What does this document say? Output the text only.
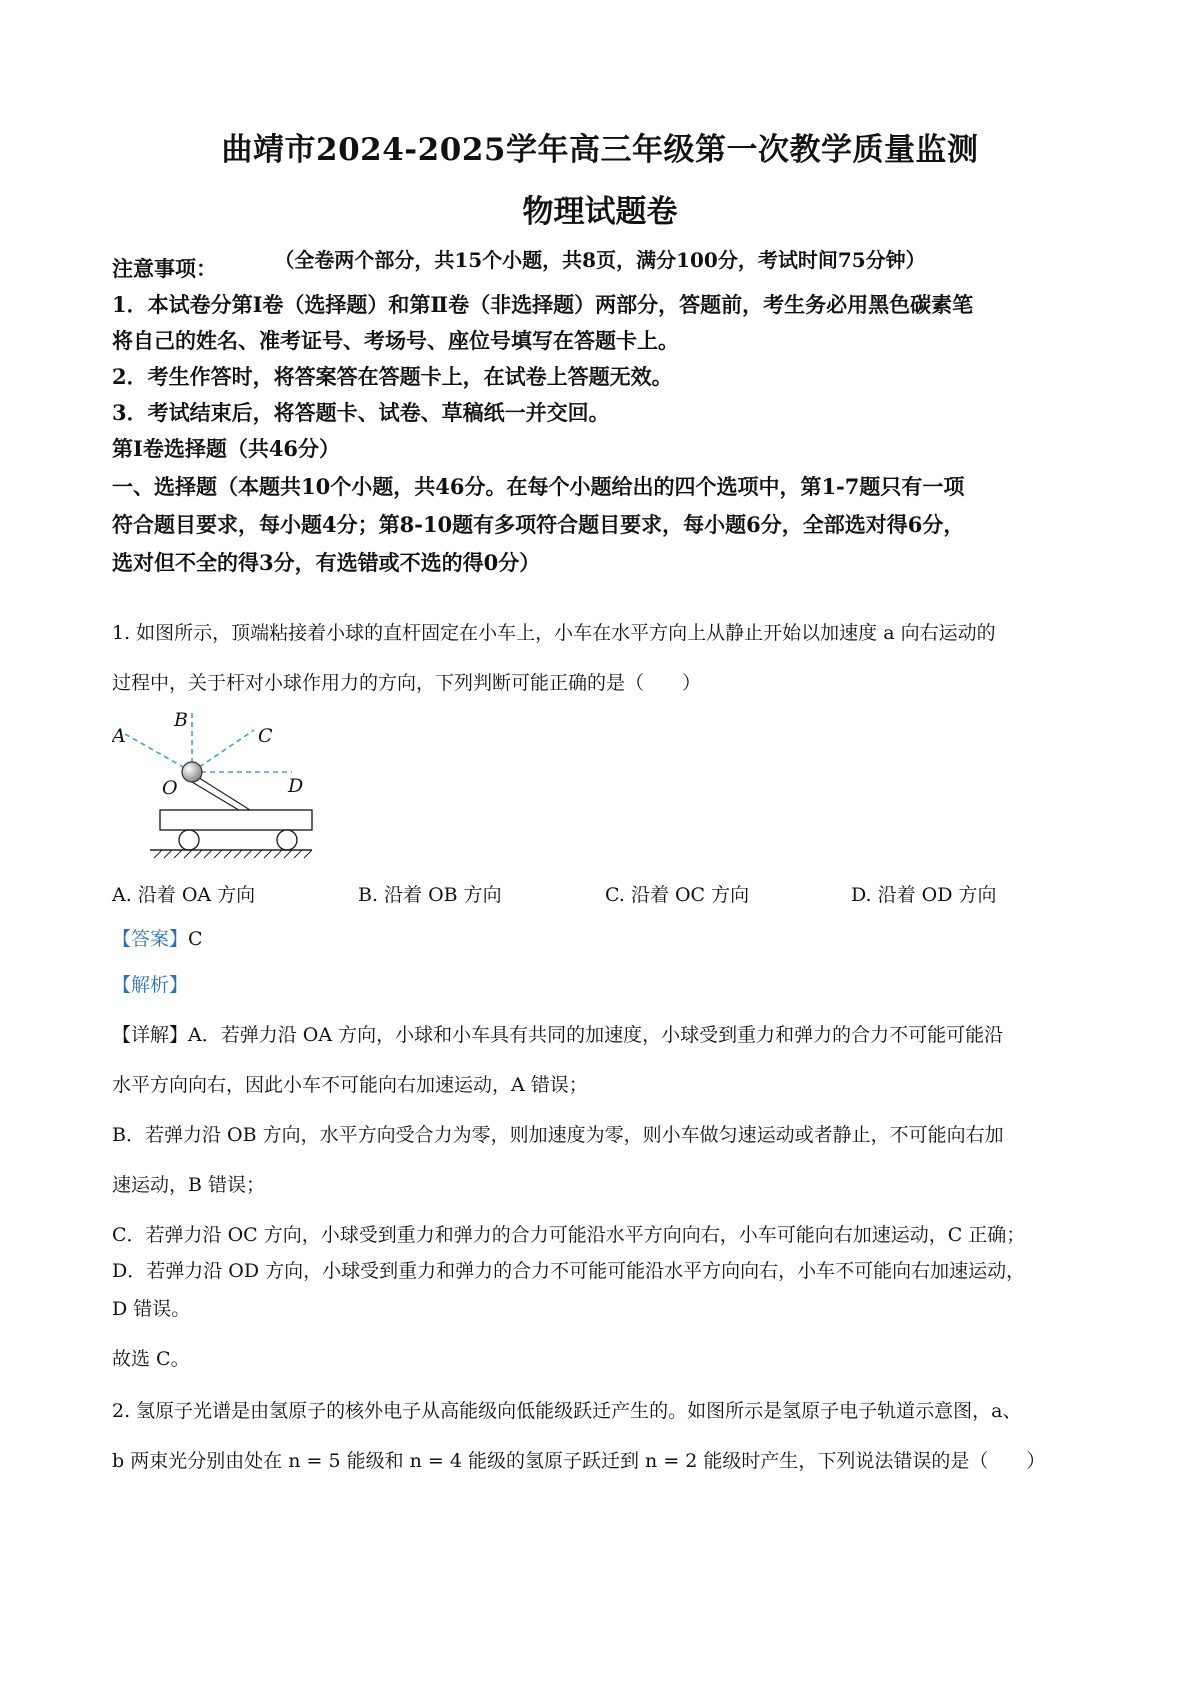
曲靖市2024-2025学年高三年级第一次教学质量监测
物理试题卷
（全卷两个部分，共15个小题，共8页，满分100分，考试时间75分钟）
注意事项：
1．本试卷分第Ⅰ卷（选择题）和第Ⅱ卷（非选择题）两部分，答题前，考生务必用黑色碳素笔
将自己的姓名、准考证号、考场号、座位号填写在答题卡上。
2．考生作答时，将答案答在答题卡上，在试卷上答题无效。
3．考试结束后，将答题卡、试卷、草稿纸一并交回。
第Ⅰ卷选择题（共46分）
一、选择题（本题共10个小题，共46分。在每个小题给出的四个选项中，第1-7题只有一项
符合题目要求，每小题4分；第8-10题有多项符合题目要求，每小题6分，全部选对得6分，
选对但不全的得3分，有选错或不选的得0分）
1. 如图所示，顶端粘接着小球的直杆固定在小车上，小车在水平方向上从静止开始以加速度 a 向右运动的
过程中，关于杆对小球作用力的方向，下列判断可能正确的是（　　）
A
B
C
D
O
A. 沿着 OA 方向	B. 沿着 OB 方向	C. 沿着 OC 方向	D. 沿着 OD 方向
【答案】C
【解析】
【详解】A．若弹力沿 OA 方向，小球和小车具有共同的加速度，小球受到重力和弹力的合力不可能可能沿
水平方向向右，因此小车不可能向右加速运动，A 错误；
B．若弹力沿 OB 方向，水平方向受合力为零，则加速度为零，则小车做匀速运动或者静止，不可能向右加
速运动，B 错误；
C．若弹力沿 OC 方向，小球受到重力和弹力的合力可能沿水平方向向右，小车可能向右加速运动，C 正确；
D．若弹力沿 OD 方向，小球受到重力和弹力的合力不可能可能沿水平方向向右，小车不可能向右加速运动，
D 错误。
故选 C。
2. 氢原子光谱是由氢原子的核外电子从高能级向低能级跃迁产生的。如图所示是氢原子电子轨道示意图，a、
b 两束光分别由处在 n = 5 能级和 n = 4 能级的氢原子跃迁到 n = 2 能级时产生，下列说法错误的是（　　）
